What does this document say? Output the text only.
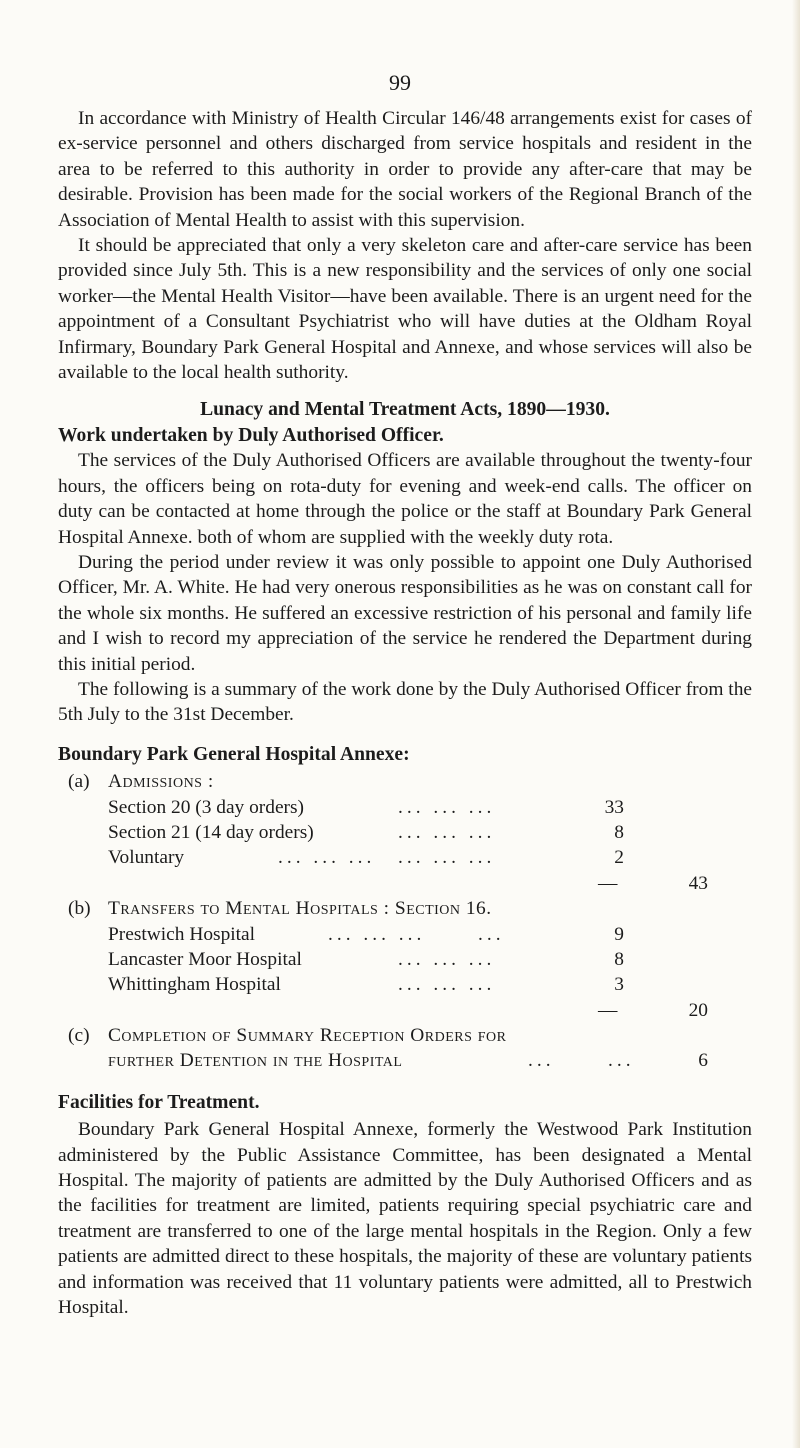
99

In accordance with Ministry of Health Circular 146/48 arrangements exist for cases of ex-service personnel and others discharged from service hospitals and resident in the area to be referred to this authority in order to provide any after-care that may be desirable. Provision has been made for the social workers of the Regional Branch of the Association of Mental Health to assist with this supervision.

It should be appreciated that only a very skeleton care and after-care service has been provided since July 5th. This is a new responsibility and the services of only one social worker—the Mental Health Visitor—have been available. There is an urgent need for the appointment of a Consultant Psychiatrist who will have duties at the Oldham Royal Infirmary, Boundary Park General Hospital and Annexe, and whose services will also be available to the local health suthority.

Lunacy and Mental Treatment Acts, 1890—1930.
Work undertaken by Duly Authorised Officer.

The services of the Duly Authorised Officers are available throughout the twenty-four hours, the officers being on rota-duty for evening and week-end calls. The officer on duty can be contacted at home through the police or the staff at Boundary Park General Hospital Annexe. both of whom are supplied with the weekly duty rota.

During the period under review it was only possible to appoint one Duly Authorised Officer, Mr. A. White. He had very onerous responsibilities as he was on constant call for the whole six months. He suffered an excessive restriction of his personal and family life and I wish to record my appreciation of the service he rendered the Department during this initial period.

The following is a summary of the work done by the Duly Authorised Officer from the 5th July to the 31st December.

Boundary Park General Hospital Annexe:
(a) Admissions :
Section 20 (3 day orders)	... ... ...	33
Section 21 (14 day orders)	... ... ...	8
Voluntary	... ... ... ... ... ...	2
—	43
(b) Transfers to Mental Hospitals : Section 16.
Prestwich Hospital	... ... ...	...	9
Lancaster Moor Hospital	... ... ...	8
Whittingham Hospital	... ... ...	3
—	20
(c) Completion of Summary Reception Orders for
further Detention in the Hospital	...	...	6
Facilities for Treatment.

Boundary Park General Hospital Annexe, formerly the Westwood Park Institution administered by the Public Assistance Committee, has been designated a Mental Hospital. The majority of patients are admitted by the Duly Authorised Officers and as the facilities for treatment are limited, patients requiring special psychiatric care and treatment are transferred to one of the large mental hospitals in the Region. Only a few patients are admitted direct to these hospitals, the majority of these are voluntary patients and information was received that 11 voluntary patients were admitted, all to Prestwich Hospital.
